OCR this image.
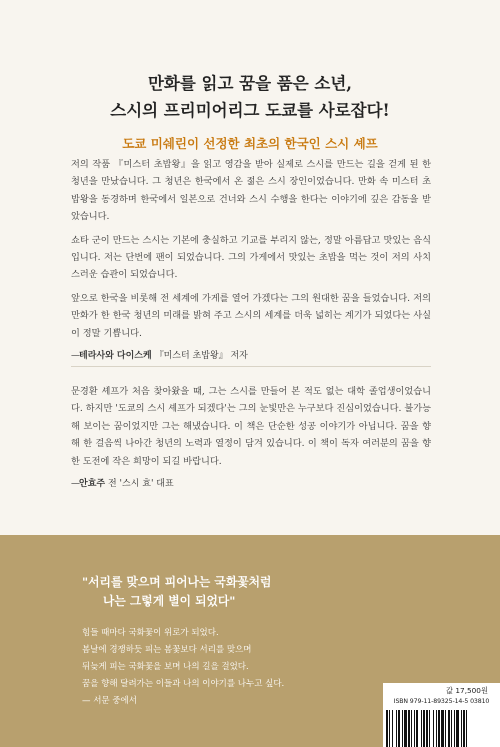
만화를 읽고 꿈을 품은 소년,
스시의 프리미어리그 도쿄를 사로잡다!
도쿄 미쉐린이 선정한 최초의 한국인 스시 셰프

저의 작품 『미스터 초밥왕』을 읽고 영감을 받아 실제로 스시를 만드는 길을 걷게 된 한 청년을 만났습니다. 그 청년은 한국에서 온 젊은 스시 장인이었습니다. 만화 속 미스터 초밥왕을 동경하며 한국에서 일본으로 건너와 스시 수행을 한다는 이야기에 깊은 감동을 받았습니다.

쇼타 군이 만드는 스시는 기본에 충실하고 기교를 부리지 않는, 정말 아름답고 맛있는 음식입니다. 저는 단번에 팬이 되었습니다. 그의 가게에서 맛있는 초밥을 먹는 것이 저의 사치스러운 습관이 되었습니다.

앞으로 한국을 비롯해 전 세계에 가게를 열어 가겠다는 그의 원대한 꿈을 들었습니다. 저의 만화가 한 한국 청년의 미래를 밝혀 주고 스시의 세계를 더욱 넓히는 계기가 되었다는 사실이 정말 기쁩니다.

—테라사와 다이스케 『미스터 초밥왕』 저자

문경환 셰프가 처음 찾아왔을 때, 그는 스시를 만들어 본 적도 없는 대학 졸업생이었습니다. 하지만 '도쿄의 스시 셰프가 되겠다'는 그의 눈빛만은 누구보다 진심이었습니다. 불가능해 보이는 꿈이었지만 그는 해냈습니다. 이 책은 단순한 성공 이야기가 아닙니다. 꿈을 향해 한 걸음씩 나아간 청년의 노력과 열정이 담겨 있습니다. 이 책이 독자 여러분의 꿈을 향한 도전에 작은 희망이 되길 바랍니다.

—안효주 전 '스시 효' 대표
"서리를 맞으며 피어나는 국화꽃처럼
나는 그렇게 별이 되었다"
힘들 때마다 국화꽃이 위로가 되었다.
봄날에 경쟁하듯 피는 봄꽃보다 서리를 맞으며
뒤늦게 피는 국화꽃을 보며 나의 길을 걸었다.
꿈을 향해 달려가는 이들과 나의 이야기를 나누고 싶다.
— 서문 중에서
값 17,500원
ISBN 979-11-89325-14-5 03810
